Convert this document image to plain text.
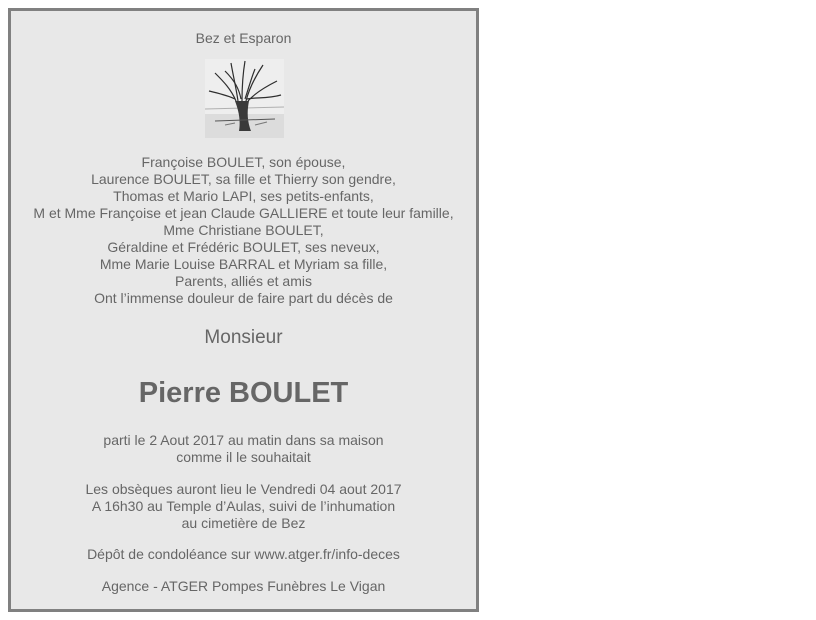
Bez et Esparon
Françoise BOULET, son épouse,
Laurence BOULET, sa fille et Thierry son gendre,
Thomas et Mario LAPI, ses petits-enfants,
M et Mme Françoise et jean Claude GALLIERE et toute leur famille,
Mme Christiane BOULET,
Géraldine et Frédéric BOULET, ses neveux,
Mme Marie Louise BARRAL et Myriam sa fille,
Parents, alliés et amis
Ont l’immense douleur de faire part du décès de
Monsieur
Pierre BOULET
parti le 2 Aout 2017 au matin dans sa maison
comme il le souhaitait
Les obsèques auront lieu le Vendredi 04 aout 2017
A 16h30 au Temple d’Aulas, suivi de l’inhumation
au cimetière de Bez
Dépôt de condoléance sur www.atger.fr/info-deces
Agence - ATGER Pompes Funèbres Le Vigan
